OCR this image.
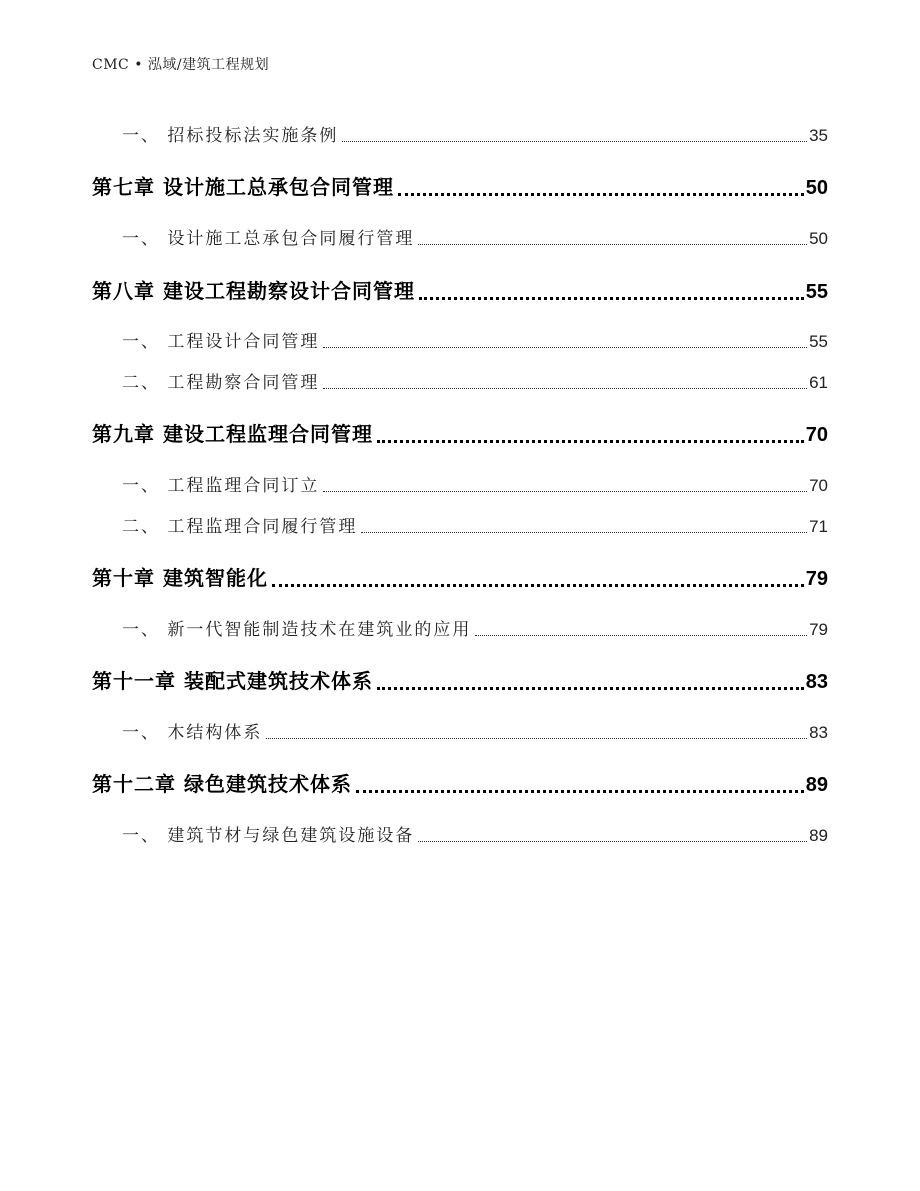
CMC • 泓域/建筑工程规划
一、 招标投标法实施条例	35
第七章 设计施工总承包合同管理	50
一、 设计施工总承包合同履行管理	50
第八章 建设工程勘察设计合同管理	55
一、 工程设计合同管理	55
二、 工程勘察合同管理	61
第九章 建设工程监理合同管理	70
一、 工程监理合同订立	70
二、 工程监理合同履行管理	71
第十章 建筑智能化	79
一、 新一代智能制造技术在建筑业的应用	79
第十一章 装配式建筑技术体系	83
一、 木结构体系	83
第十二章 绿色建筑技术体系	89
一、 建筑节材与绿色建筑设施设备	89
